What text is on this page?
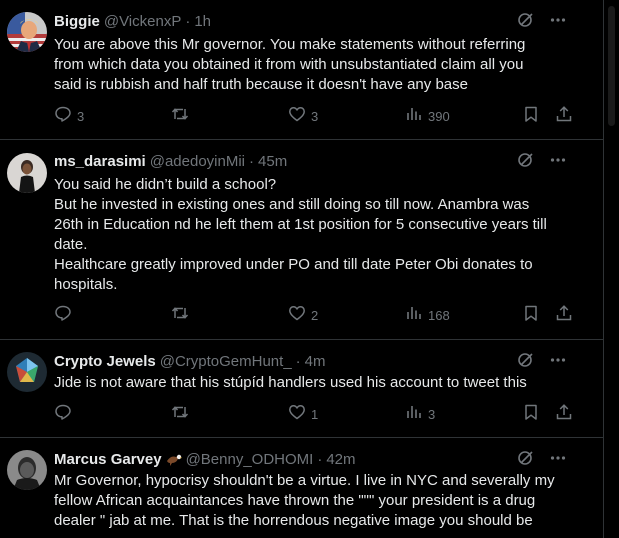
Biggie @VickenxP · 1h
You are above this Mr governor. You make statements without referring
from which data you obtained it from with unsubstantiated claim all you
said is rubbish and half truth because it doesn't have any base
3	3	390
ms_darasimi @adedoyinMii · 45m
You said he didn’t build a school?
But he invested in existing ones and still doing so till now. Anambra was
26th in Education nd he left them at 1st position for 5 consecutive years till
date.
Healthcare greatly improved under PO and till date Peter Obi donates to
hospitals.
2	168
Crypto Jewels @CryptoGemHunt_ · 4m
Jide is not aware that his stúpíd handlers used his account to tweet this
1	3
Marcus Garvey @Benny_ODHOMI · 42m
Mr Governor, hypocrisy shouldn't be a virtue. I live in NYC and severally my
fellow African acquaintances have thrown the """ your president is a drug
dealer " jab at me. That is the horrendous negative image you should be
